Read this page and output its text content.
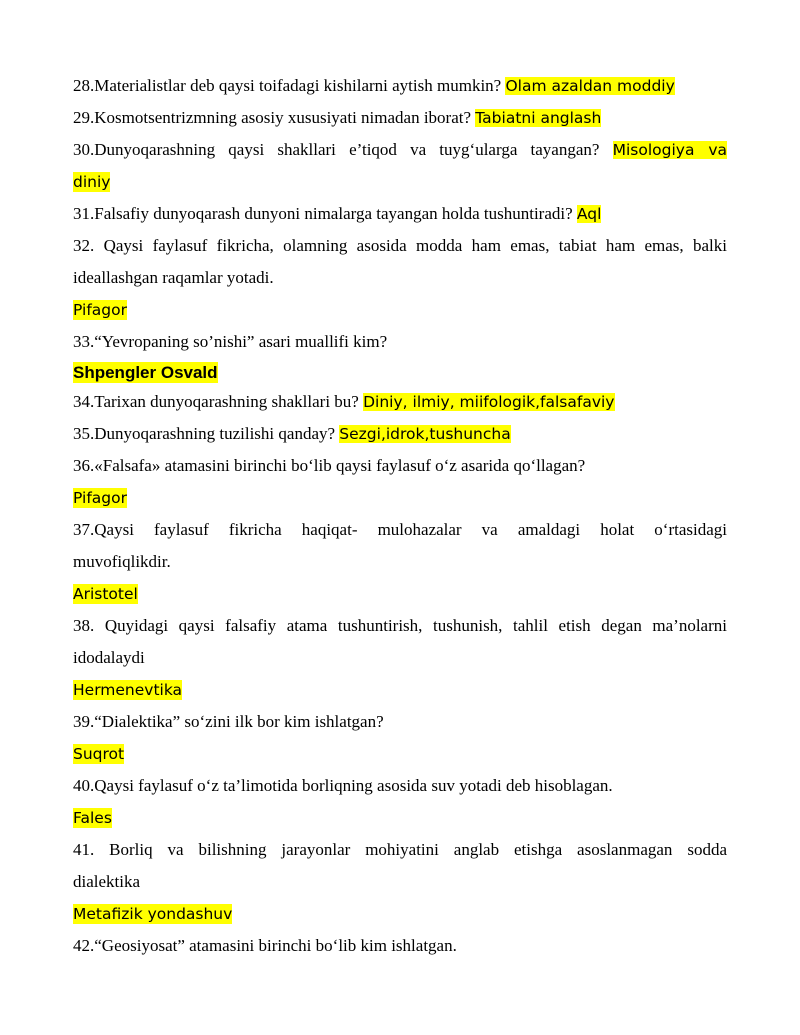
28.Materialistlar deb qaysi toifadagi kishilarni aytish mumkin? Olam azaldan moddiy
29.Kosmotsentrizmning asosiy xususiyati nimadan iborat? Tabiatni anglash
30.Dunyoqarashning qaysi shakllari e’tiqod va tuyg‘ularga tayangan? Misologiya va
diniy
31.Falsafiy dunyoqarash dunyoni nimalarga tayangan holda tushuntiradi? Aql
32. Qaysi faylasuf fikricha, olamning asosida modda ham emas, tabiat ham emas, balki
ideallashgan raqamlar yotadi.
Pifagor
33.“Yevropaning so’nishi” asari muallifi kim?
Shpengler Osvald
34.Tarixan dunyoqarashning shakllari bu? Diniy, ilmiy, miifologik,falsafaviy
35.Dunyoqarashning tuzilishi qanday? Sezgi,idrok,tushuncha
36.«Falsafa» atamasini birinchi bo‘lib qaysi faylasuf o‘z asarida qo‘llagan?
Pifagor
37.Qaysi faylasuf fikricha haqiqat- mulohazalar va amaldagi holat o‘rtasidagi
muvofiqlikdir.
Aristotel
38. Quyidagi qaysi falsafiy atama tushuntirish, tushunish, tahlil etish degan ma’nolarni
idodalaydi
Hermenevtika
39.“Dialektika” so‘zini ilk bor kim ishlatgan?
Suqrot
40.Qaysi faylasuf o‘z ta’limotida borliqning asosida suv yotadi deb hisoblagan.
Fales
41. Borliq va bilishning jarayonlar mohiyatini anglab etishga asoslanmagan sodda
dialektika
Metafizik yondashuv
42.“Geosiyosat” atamasini birinchi bo‘lib kim ishlatgan.
